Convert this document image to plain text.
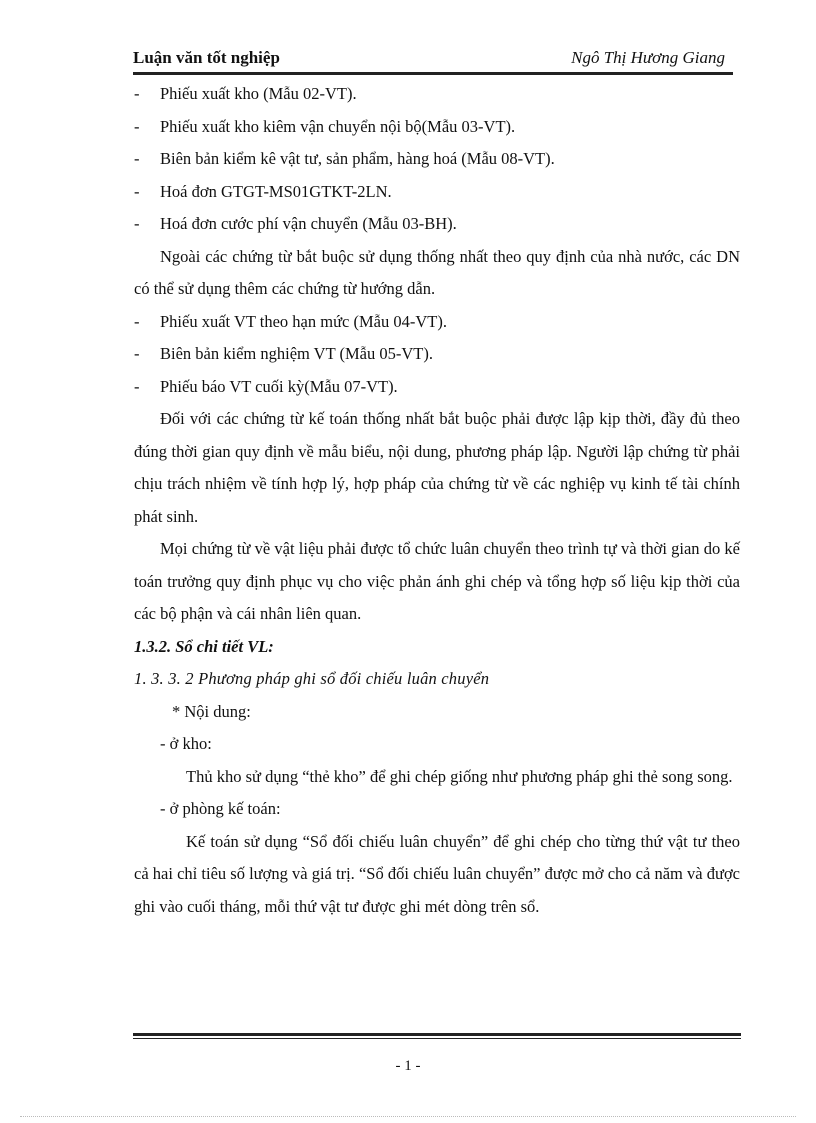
Luận văn tốt nghiệp	Ngô Thị Hương Giang
- Phiếu xuất kho (Mẫu 02-VT).
- Phiếu xuất kho kiêm vận chuyển nội bộ(Mẫu 03-VT).
- Biên bản kiểm kê vật tư, sản phẩm, hàng hoá (Mẫu 08-VT).
- Hoá đơn GTGT-MS01GTKT-2LN.
- Hoá đơn cước phí vận chuyển (Mẫu 03-BH).
Ngoài các chứng từ bắt buộc sử dụng thống nhất theo quy định của nhà nước, các DN có thể sử dụng thêm các chứng từ hướng dẫn.
- Phiếu xuất VT theo hạn mức (Mẫu 04-VT).
- Biên bản kiểm nghiệm VT (Mẫu 05-VT).
- Phiếu báo VT cuối kỳ(Mẫu 07-VT).
Đối với các chứng từ kế toán thống nhất bắt buộc phải được lập kịp thời, đầy đủ theo đúng thời gian quy định về mẫu biểu, nội dung, phương pháp lập. Người lập chứng từ phải chịu trách nhiệm về tính hợp lý, hợp pháp của chứng từ về các nghiệp vụ kinh tế tài chính phát sinh.
Mọi chứng từ về vật liệu phải được tổ chức luân chuyển theo trình tự và thời gian do kế toán trưởng quy định phục vụ cho việc phản ánh ghi chép và tổng hợp số liệu kịp thời của các bộ phận và cái nhân liên quan.
1.3.2. Sổ chi tiết VL:
1. 3. 3. 2 Phương pháp ghi sổ đối chiếu luân chuyển
* Nội dung:
- ở kho:
Thủ kho sử dụng “thẻ kho” để ghi chép giống như phương pháp ghi thẻ song song.
- ở phòng kế toán:
Kế toán sử dụng “Sổ đối chiếu luân chuyển” để ghi chép cho từng thứ vật tư theo cả hai chỉ tiêu số lượng và giá trị. “Sổ đối chiếu luân chuyển” được mở cho cả năm và được ghi vào cuối tháng, mỗi thứ vật tư được ghi mét dòng trên sổ.
- 1 -
